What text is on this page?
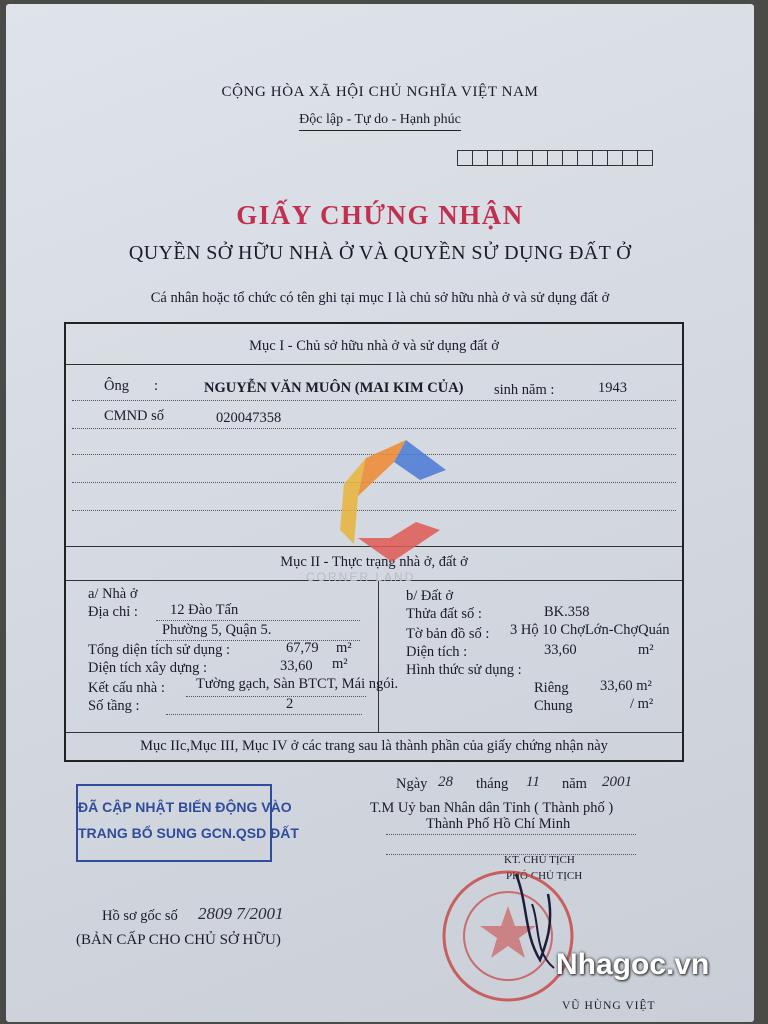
CỘNG HÒA XÃ HỘI CHỦ NGHĨA VIỆT NAM
Độc lập - Tự do - Hạnh phúc
GIẤY CHỨNG NHẬN
QUYỀN SỞ HỮU NHÀ Ở VÀ QUYỀN SỬ DỤNG ĐẤT Ở
Cá nhân hoặc tổ chức có tên ghi tại mục I là chủ sở hữu nhà ở và sử dụng đất ở
Mục I - Chủ sở hữu nhà ở và sử dụng đất ở
Ông :	NGUYỄN VĂN MUÔN (MAI KIM CỦA) sinh năm :	1943
CMND số	020047358
Mục II - Thực trạng nhà ở, đất ở
a/ Nhà ở
Địa chỉ : 12 Đào Tấn
Phường 5, Quận 5.
Tổng diện tích sử dụng :	67,79 m²
Diện tích xây dựng :	33,60 m²
Kết cấu nhà : Tường gạch, Sàn BTCT, Mái ngói.
Số tầng :	2
b/ Đất ở
Thửa đất số :	BK.358
Tờ bản đồ số : 3 Hộ 10 ChợLớn-ChợQuán
Diện tích :	33,60	m²
Hình thức sử dụng :
Riêng 33,60 m²
Chung	/ m²
Mục IIc,Mục III, Mục IV ở các trang sau là thành phần của giấy chứng nhận này
CORNER LAND
ĐÃ CẬP NHẬT BIẾN ĐỘNG VÀO
TRANG BỔ SUNG GCN.QSD ĐẤT
Ngày 28 tháng 11 năm 2001
T.M Uỷ ban Nhân dân Tỉnh ( Thành phố )
Thành Phố Hồ Chí Minh
KT. CHỦ TỊCH
PHÓ CHỦ TỊCH
VŨ HÙNG VIỆT
Hồ sơ gốc số 2809 7/2001
(BẢN CẤP CHO CHỦ SỞ HỮU)
Nhagoc.vn
